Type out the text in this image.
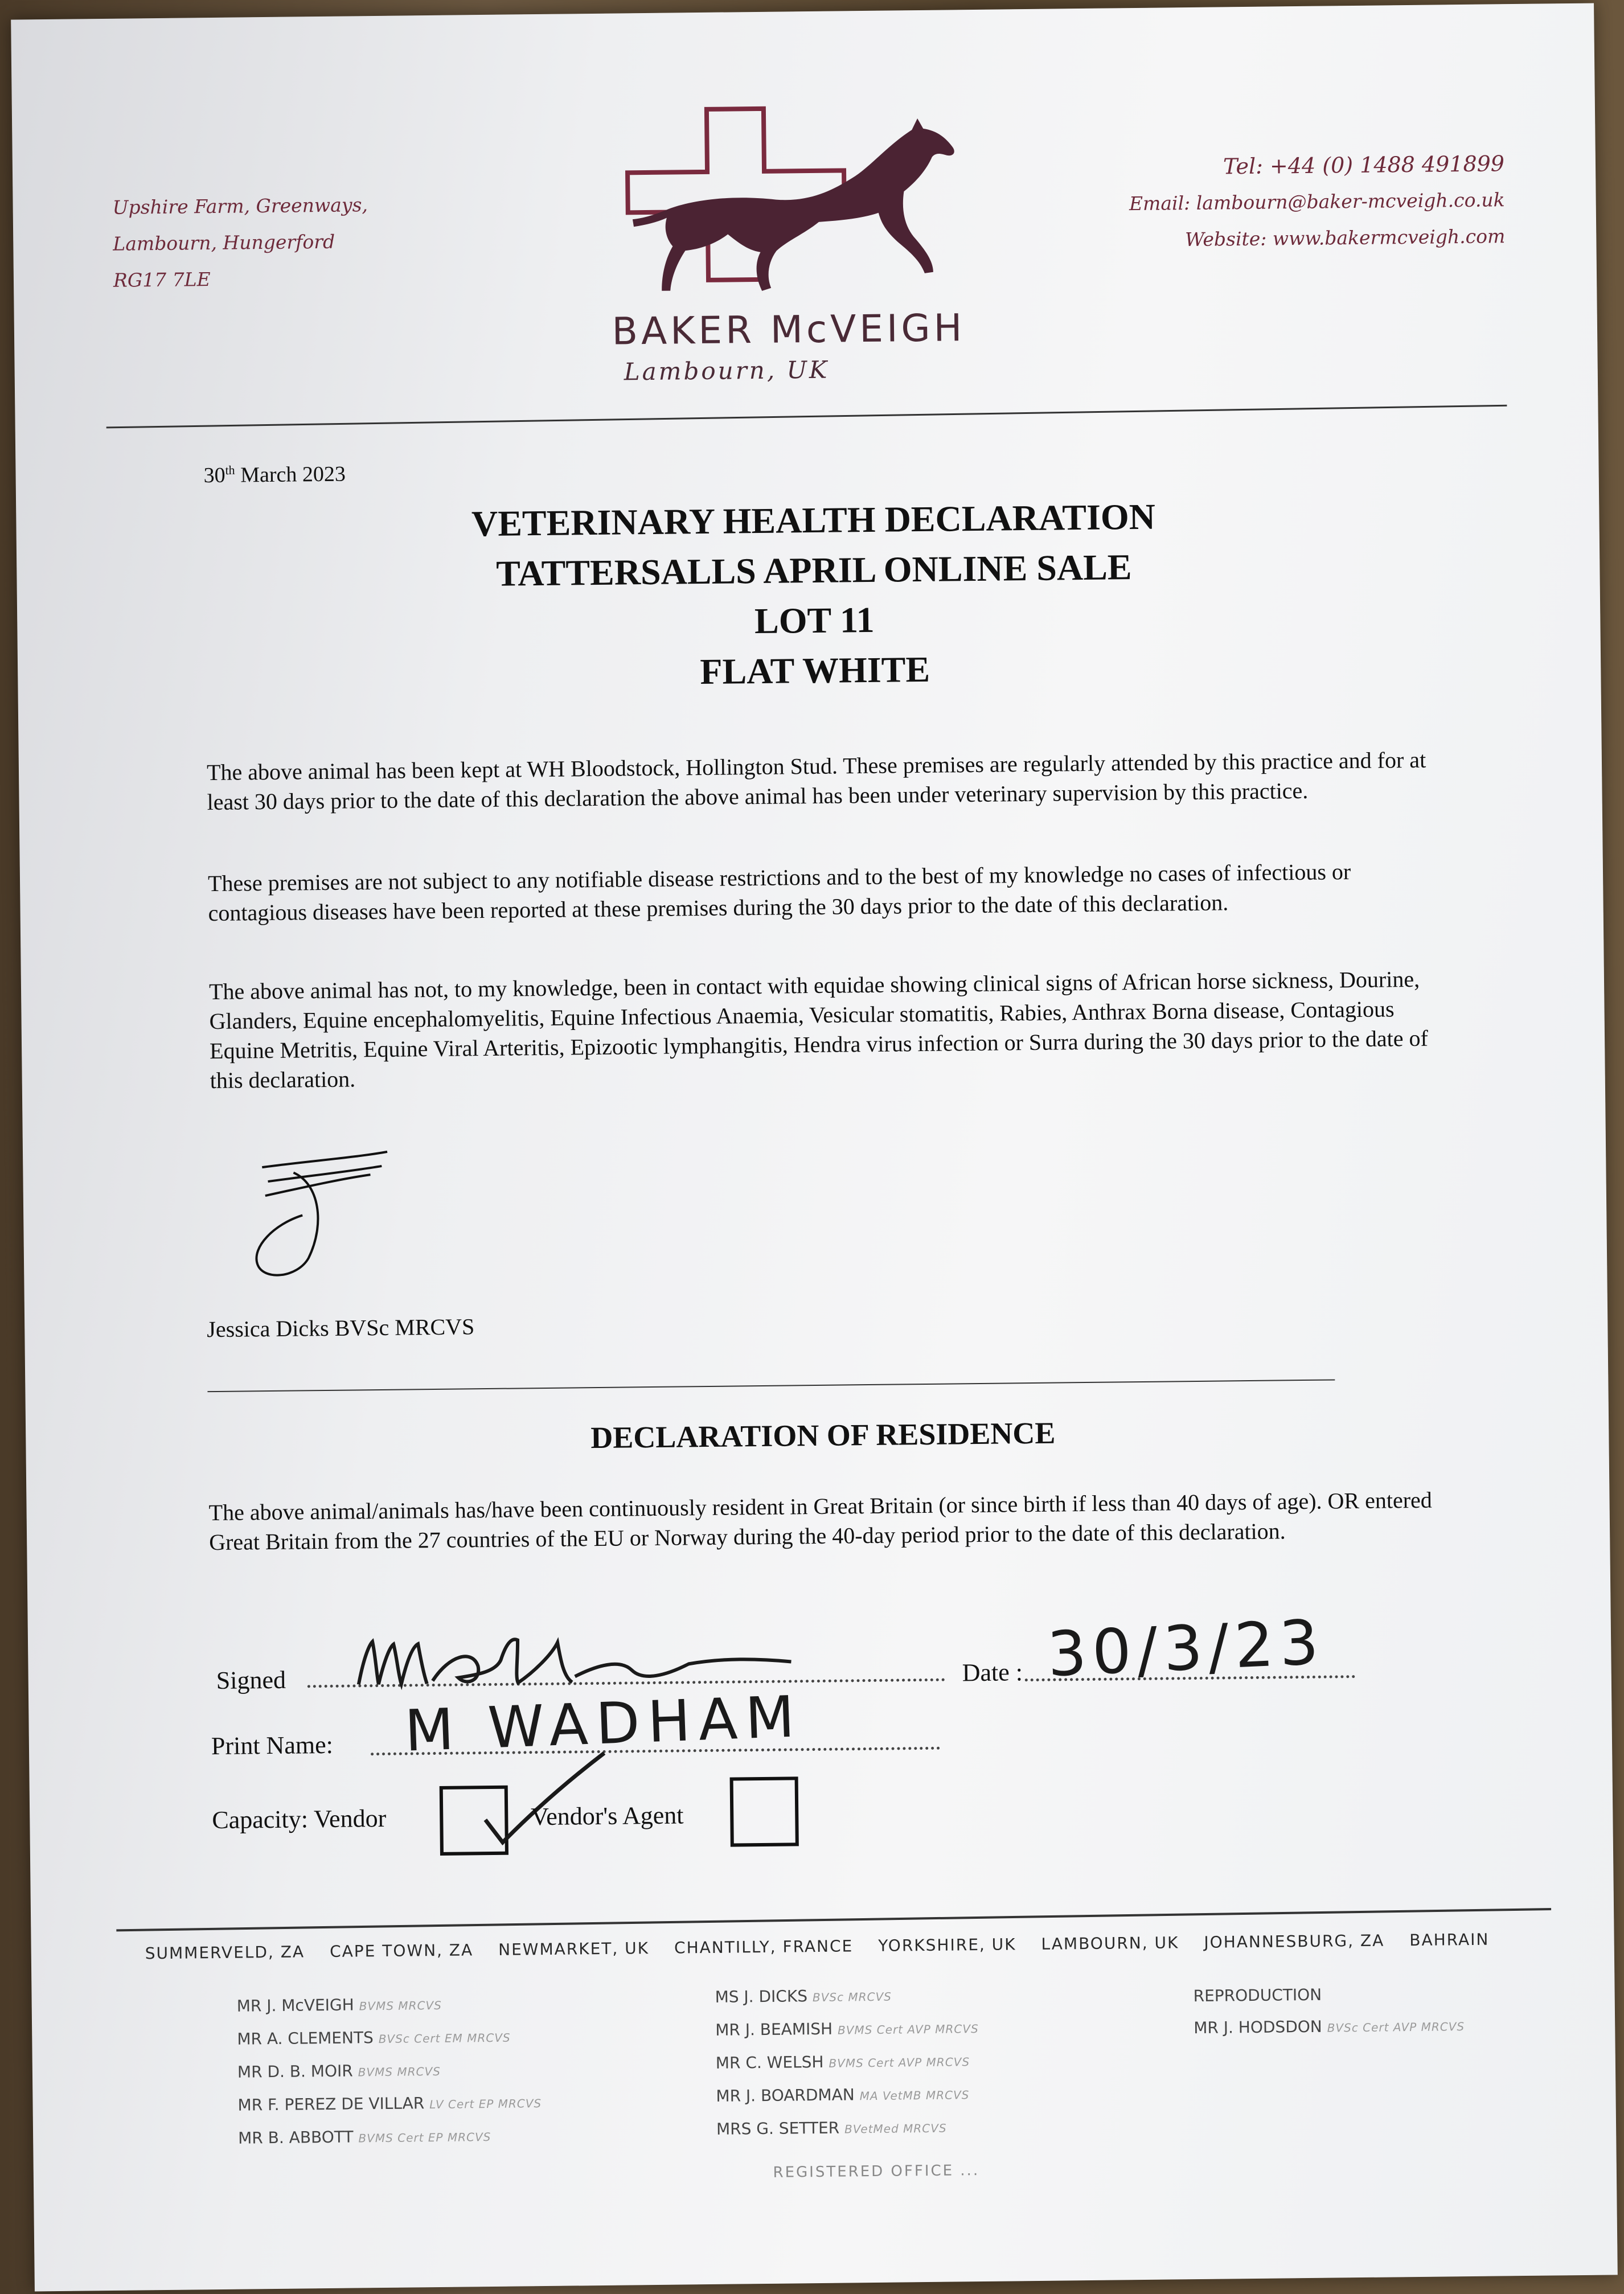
Upshire Farm, Greenways,
Lambourn, Hungerford
RG17 7LE
BAKER McVEIGH
Lambourn, UK
Tel: +44 (0) 1488 491899
Email: lambourn@baker-mcveigh.co.uk
Website: www.bakermcveigh.com
30th March 2023
VETERINARY HEALTH DECLARATION
TATTERSALLS APRIL ONLINE SALE
LOT 11
FLAT WHITE
The above animal has been kept at WH Bloodstock, Hollington Stud. These premises are regularly attended by this practice and for at least 30 days prior to the date of this declaration the above animal has been under veterinary supervision by this practice.
These premises are not subject to any notifiable disease restrictions and to the best of my knowledge no cases of infectious or contagious diseases have been reported at these premises during the 30 days prior to the date of this declaration.
The above animal has not, to my knowledge, been in contact with equidae showing clinical signs of African horse sickness, Dourine, Glanders, Equine encephalomyelitis, Equine Infectious Anaemia, Vesicular stomatitis, Rabies, Anthrax Borna disease, Contagious Equine Metritis, Equine Viral Arteritis, Epizootic lymphangitis, Hendra virus infection or Surra during the 30 days prior to the date of this declaration.
Jessica Dicks BVSc MRCVS
DECLARATION OF RESIDENCE
The above animal/animals has/have been continuously resident in Great Britain (or since birth if less than 40 days of age). OR entered Great Britain from the 27 countries of the EU or Norway during the 40-day period prior to the date of this declaration.
Signed	Date : 30/3/23
Print Name: M WADHAM
Capacity: Vendor	Vendor's Agent
SUMMERVELD, ZA CAPE TOWN, ZA NEWMARKET, UK CHANTILLY, FRANCE YORKSHIRE, UK LAMBOURN, UK JOHANNESBURG, ZA BAHRAIN
MR J. McVEIGH BVMS MRCVS
MR A. CLEMENTS BVSc Cert EM MRCVS
MR D. B. MOIR BVMS MRCVS
MR F. PEREZ DE VILLAR LV Cert EP MRCVS
MR B. ABBOTT BVMS Cert EP MRCVS
MS J. DICKS BVSc MRCVS
MR J. BEAMISH BVMS Cert AVP MRCVS
MR C. WELSH BVMS Cert AVP MRCVS
MR J. BOARDMAN MA VetMB MRCVS
MRS G. SETTER BVetMed MRCVS
REPRODUCTION
MR J. HODSDON BVSc Cert AVP MRCVS
REGISTERED OFFICE ...
